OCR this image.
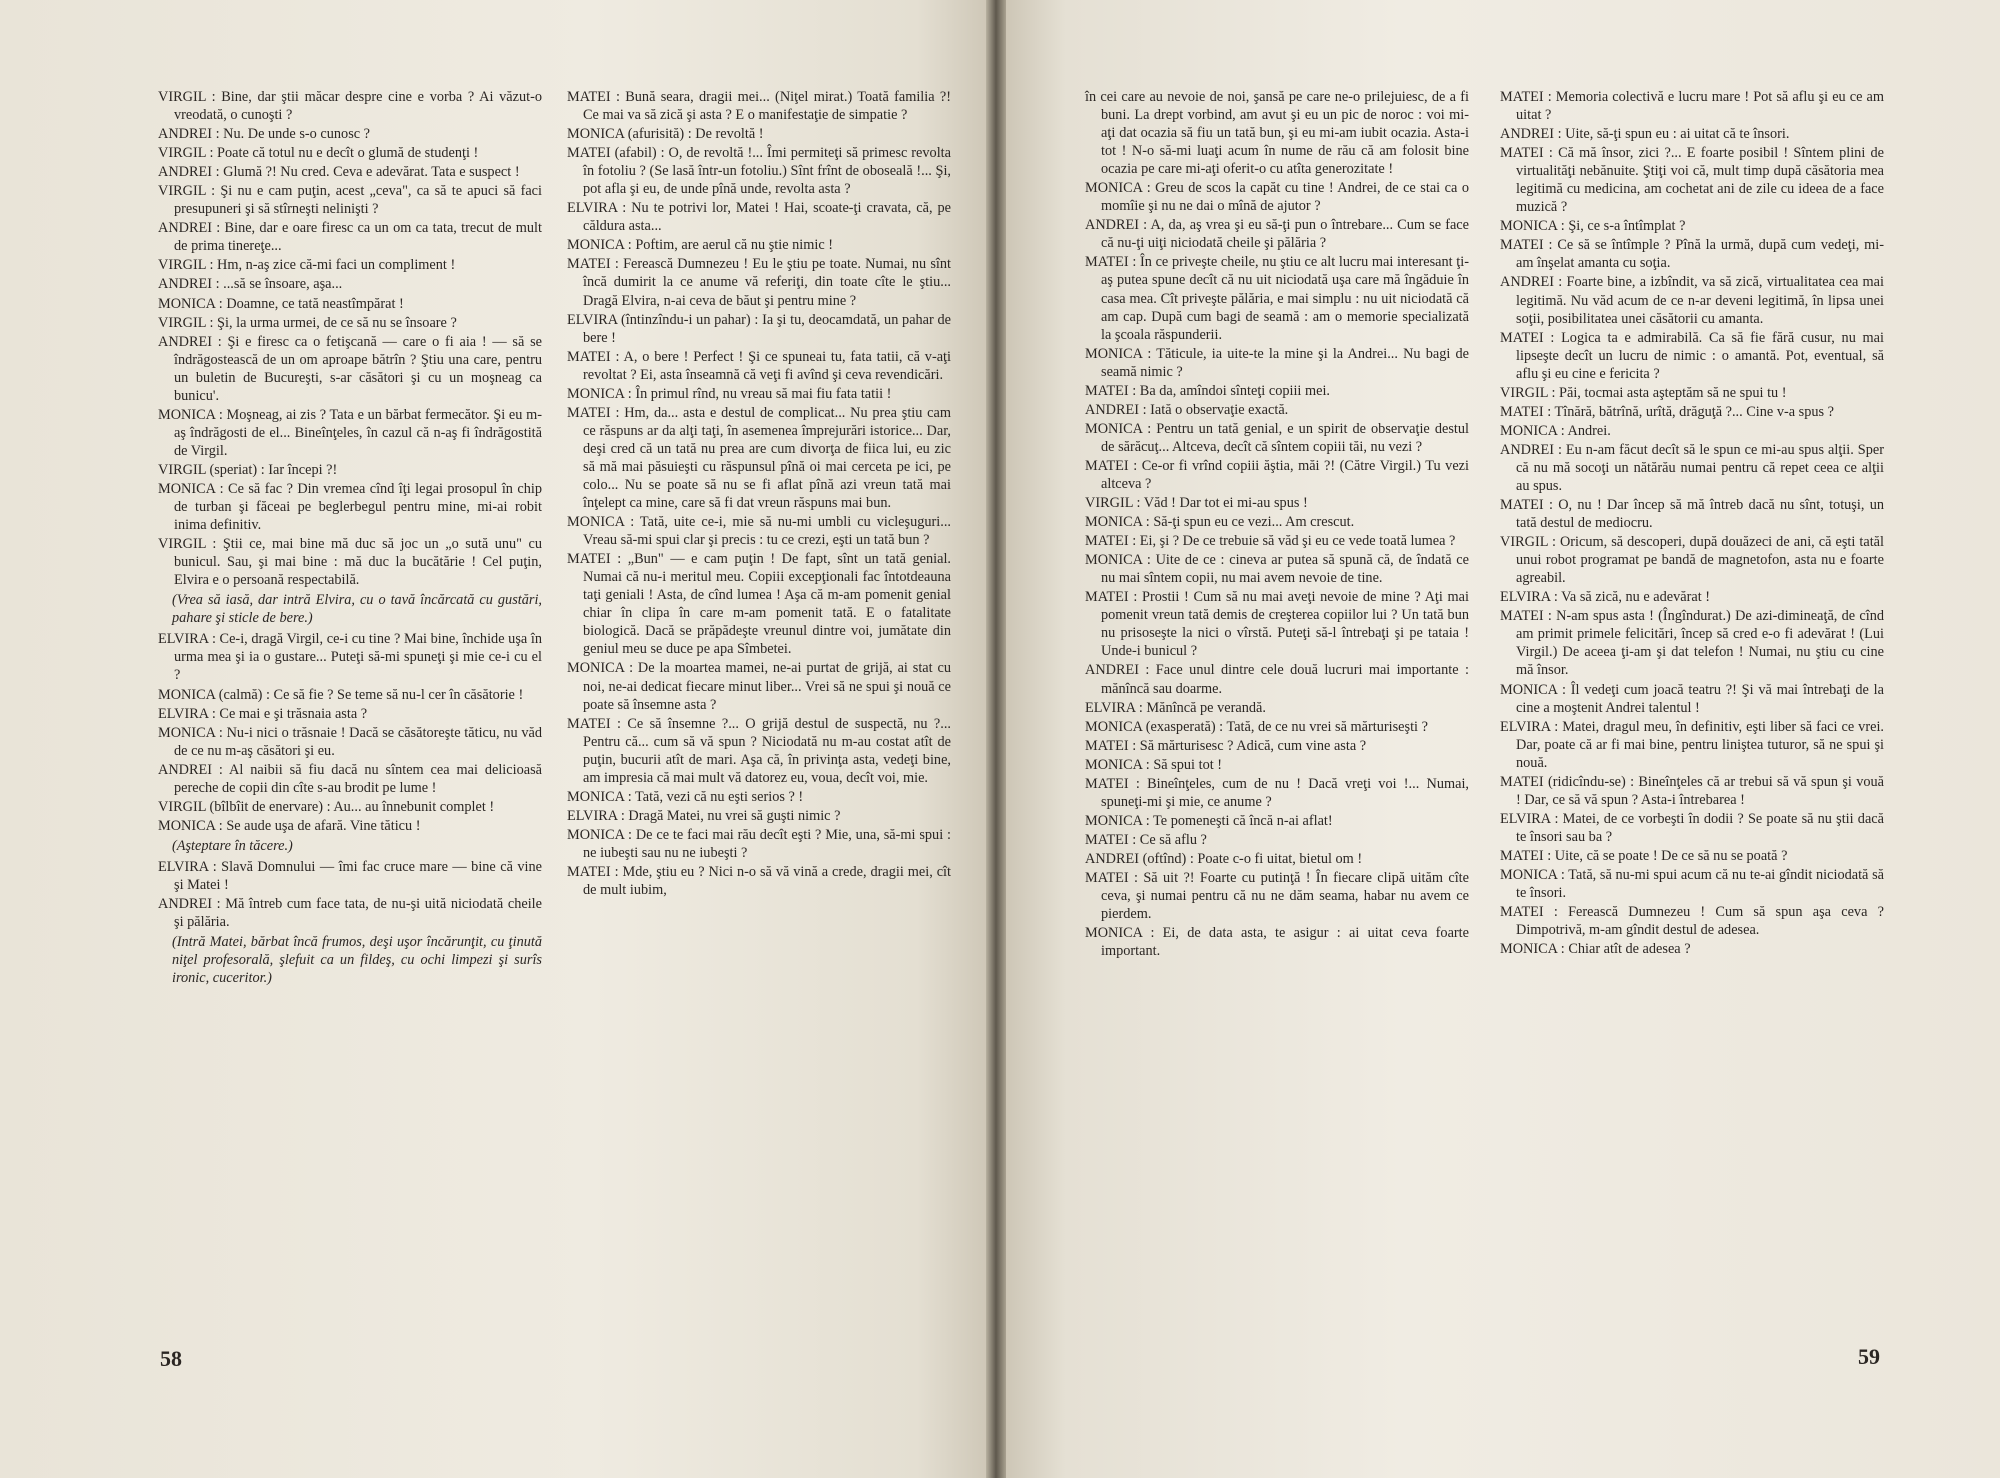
VIRGIL : Bine, dar ştii măcar despre cine e vorba ? Ai văzut-o vreodată, o cunoşti ?

ANDREI : Nu. De unde s-o cunosc ?

VIRGIL : Poate că totul nu e decît o glumă de studenţi !

ANDREI : Glumă ?! Nu cred. Ceva e adevărat. Tata e suspect !

VIRGIL : Şi nu e cam puţin, acest „ceva", ca să te apuci să faci presupuneri şi să stîrneşti nelinişti ?

ANDREI : Bine, dar e oare firesc ca un om ca tata, trecut de mult de prima tinereţe...

VIRGIL : Hm, n-aş zice că-mi faci un compliment !

ANDREI : ...să se însoare, aşa...

MONICA : Doamne, ce tată neastîmpărat !

VIRGIL : Şi, la urma urmei, de ce să nu se însoare ?

ANDREI : Şi e firesc ca o fetişcană — care o fi aia ! — să se îndrăgostească de un om aproape bătrîn ? Ştiu una care, pentru un buletin de Bucureşti, s-ar căsători şi cu un moşneag ca bunicu'.

MONICA : Moşneag, ai zis ? Tata e un bărbat fermecător. Şi eu m-aş îndrăgosti de el... Bineînţeles, în cazul că n-aş fi îndrăgostită de Virgil.

VIRGIL (speriat) : Iar începi ?!

MONICA : Ce să fac ? Din vremea cînd îţi legai prosopul în chip de turban şi făceai pe beglerbegul pentru mine, mi-ai robit inima definitiv.

VIRGIL : Ştii ce, mai bine mă duc să joc un „o sută unu" cu bunicul. Sau, şi mai bine : mă duc la bucătărie ! Cel puţin, Elvira e o persoană respectabilă.

(Vrea să iasă, dar intră Elvira, cu o tavă încărcată cu gustări, pahare şi sticle de bere.)

ELVIRA : Ce-i, dragă Virgil, ce-i cu tine ? Mai bine, închide uşa în urma mea şi ia o gustare... Puteţi să-mi spuneţi şi mie ce-i cu el ?

MONICA (calmă) : Ce să fie ? Se teme să nu-l cer în căsătorie !

ELVIRA : Ce mai e şi trăsnaia asta ?

MONICA : Nu-i nici o trăsnaie ! Dacă se căsătoreşte tăticu, nu văd de ce nu m-aş căsători şi eu.

ANDREI : Al naibii să fiu dacă nu sîntem cea mai delicioasă pereche de copii din cîte s-au brodit pe lume !

VIRGIL (bîlbîit de enervare) : Au... au înnebunit complet !

MONICA : Se aude uşa de afară. Vine tăticu !

(Aşteptare în tăcere.)

ELVIRA : Slavă Domnului — îmi fac cruce mare — bine că vine şi Matei !

ANDREI : Mă întreb cum face tata, de nu-şi uită niciodată cheile şi pălăria.

(Intră Matei, bărbat încă frumos, deşi uşor încărunţit, cu ţinută niţel profesorală, şlefuit ca un fildeş, cu ochi limpezi şi surîs ironic, cuceritor.)

MATEI : Bună seara, dragii mei... (Niţel mirat.) Toată familia ?! Ce mai va să zică şi asta ? E o manifestaţie de simpatie ?

MONICA (afurisită) : De revoltă !

MATEI (afabil) : O, de revoltă !... Îmi permiteţi să primesc revolta în fotoliu ? (Se lasă într-un fotoliu.) Sînt frînt de oboseală !... Şi, pot afla şi eu, de unde pînă unde, revolta asta ?

ELVIRA : Nu te potrivi lor, Matei ! Hai, scoate-ţi cravata, că, pe căldura asta...

MONICA : Poftim, are aerul că nu ştie nimic !

MATEI : Ferească Dumnezeu ! Eu le ştiu pe toate. Numai, nu sînt încă dumirit la ce anume vă referiţi, din toate cîte le ştiu... Dragă Elvira, n-ai ceva de băut şi pentru mine ?

ELVIRA (întinzîndu-i un pahar) : Ia şi tu, deocamdată, un pahar de bere !

MATEI : A, o bere ! Perfect ! Şi ce spuneai tu, fata tatii, că v-aţi revoltat ? Ei, asta înseamnă că veţi fi avînd şi ceva revendicări.

MONICA : În primul rînd, nu vreau să mai fiu fata tatii !

MATEI : Hm, da... asta e destul de complicat... Nu prea ştiu cam ce răspuns ar da alţi taţi, în asemenea împrejurări istorice... Dar, deşi cred că un tată nu prea are cum divorţa de fiica lui, eu zic să mă mai păsuieşti cu răspunsul pînă oi mai cerceta pe ici, pe colo... Nu se poate să nu se fi aflat pînă azi vreun tată mai înţelept ca mine, care să fi dat vreun răspuns mai bun.

MONICA : Tată, uite ce-i, mie să nu-mi umbli cu vicleşuguri... Vreau să-mi spui clar şi precis : tu ce crezi, eşti un tată bun ?

MATEI : „Bun" — e cam puţin ! De fapt, sînt un tată genial. Numai că nu-i meritul meu. Copiii excepţionali fac întotdeauna taţi geniali ! Asta, de cînd lumea ! Aşa că m-am pomenit genial chiar în clipa în care m-am pomenit tată. E o fatalitate biologică. Dacă se prăpădeşte vreunul dintre voi, jumătate din geniul meu se duce pe apa Sîmbetei.

MONICA : De la moartea mamei, ne-ai purtat de grijă, ai stat cu noi, ne-ai dedicat fiecare minut liber... Vrei să ne spui şi nouă ce poate să însemne asta ?

MATEI : Ce să însemne ?... O grijă destul de suspectă, nu ?... Pentru că... cum să vă spun ? Niciodată nu m-au costat atît de puţin, bucurii atît de mari. Aşa că, în privinţa asta, vedeţi bine, am impresia că mai mult vă datorez eu, voua, decît voi, mie.

MONICA : Tată, vezi că nu eşti serios ? !

ELVIRA : Dragă Matei, nu vrei să guşti nimic ?

MONICA : De ce te faci mai rău decît eşti ? Mie, una, să-mi spui : ne iubeşti sau nu ne iubeşti ?

MATEI : Mde, ştiu eu ? Nici n-o să vă vină a crede, dragii mei, cît de mult iubim,

58

în cei care au nevoie de noi, şansă pe care ne-o prilejuiesc, de a fi buni. La drept vorbind, am avut şi eu un pic de noroc : voi mi-aţi dat ocazia să fiu un tată bun, şi eu mi-am iubit ocazia. Asta-i tot ! N-o să-mi luaţi acum în nume de rău că am folosit bine ocazia pe care mi-aţi oferit-o cu atîta generozitate !

MONICA : Greu de scos la capăt cu tine ! Andrei, de ce stai ca o momîie şi nu ne dai o mînă de ajutor ?

ANDREI : A, da, aş vrea şi eu să-ţi pun o întrebare... Cum se face că nu-ţi uiţi niciodată cheile şi pălăria ?

MATEI : În ce priveşte cheile, nu ştiu ce alt lucru mai interesant ţi-aş putea spune decît că nu uit niciodată uşa care mă îngăduie în casa mea. Cît priveşte pălăria, e mai simplu : nu uit niciodată că am cap. După cum bagi de seamă : am o memorie specializată la şcoala răspunderii.

MONICA : Tăticule, ia uite-te la mine şi la Andrei... Nu bagi de seamă nimic ?

MATEI : Ba da, amîndoi sînteţi copiii mei.

ANDREI : Iată o observaţie exactă.

MONICA : Pentru un tată genial, e un spirit de observaţie destul de sărăcuţ... Altceva, decît că sîntem copiii tăi, nu vezi ?

MATEI : Ce-or fi vrînd copiii ăştia, măi ?! (Către Virgil.) Tu vezi altceva ?

VIRGIL : Văd ! Dar tot ei mi-au spus !

MONICA : Să-ţi spun eu ce vezi... Am crescut.

MATEI : Ei, şi ? De ce trebuie să văd şi eu ce vede toată lumea ?

MONICA : Uite de ce : cineva ar putea să spună că, de îndată ce nu mai sîntem copii, nu mai avem nevoie de tine.

MATEI : Prostii ! Cum să nu mai aveţi nevoie de mine ? Aţi mai pomenit vreun tată demis de creşterea copiilor lui ? Un tată bun nu prisoseşte la nici o vîrstă. Puteţi să-l întrebaţi şi pe tataia ! Unde-i bunicul ?

ANDREI : Face unul dintre cele două lucruri mai importante : mănîncă sau doarme.

ELVIRA : Mănîncă pe verandă.

MONICA (exasperată) : Tată, de ce nu vrei să mărturiseşti ?

MATEI : Să mărturisesc ? Adică, cum vine asta ?

MONICA : Să spui tot !

MATEI : Bineînţeles, cum de nu ! Dacă vreţi voi !... Numai, spuneţi-mi şi mie, ce anume ?

MONICA : Te pomeneşti că încă n-ai aflat!

MATEI : Ce să aflu ?

ANDREI (oftînd) : Poate c-o fi uitat, bietul om !

MATEI : Să uit ?! Foarte cu putinţă ! În fiecare clipă uităm cîte ceva, şi numai pentru că nu ne dăm seama, habar nu avem ce pierdem.

MONICA : Ei, de data asta, te asigur : ai uitat ceva foarte important.

MATEI : Memoria colectivă e lucru mare ! Pot să aflu şi eu ce am uitat ?

ANDREI : Uite, să-ţi spun eu : ai uitat că te însori.

MATEI : Că mă însor, zici ?... E foarte posibil ! Sîntem plini de virtualităţi nebănuite. Ştiţi voi că, mult timp după căsătoria mea legitimă cu medicina, am cochetat ani de zile cu ideea de a face muzică ?

MONICA : Şi, ce s-a întîmplat ?

MATEI : Ce să se întîmple ? Pînă la urmă, după cum vedeţi, mi-am înşelat amanta cu soţia.

ANDREI : Foarte bine, a izbîndit, va să zică, virtualitatea cea mai legitimă. Nu văd acum de ce n-ar deveni legitimă, în lipsa unei soţii, posibilitatea unei căsătorii cu amanta.

MATEI : Logica ta e admirabilă. Ca să fie fără cusur, nu mai lipseşte decît un lucru de nimic : o amantă. Pot, eventual, să aflu şi eu cine e fericita ?

VIRGIL : Păi, tocmai asta aşteptăm să ne spui tu !

MATEI : Tînără, bătrînă, urîtă, drăguţă ?... Cine v-a spus ?

MONICA : Andrei.

ANDREI : Eu n-am făcut decît să le spun ce mi-au spus alţii. Sper că nu mă socoţi un nătărău numai pentru că repet ceea ce alţii au spus.

MATEI : O, nu ! Dar încep să mă întreb dacă nu sînt, totuşi, un tată destul de mediocru.

VIRGIL : Oricum, să descoperi, după douăzeci de ani, că eşti tatăl unui robot programat pe bandă de magnetofon, asta nu e foarte agreabil.

ELVIRA : Va să zică, nu e adevărat !

MATEI : N-am spus asta ! (Îngîndurat.) De azi-dimineaţă, de cînd am primit primele felicitări, încep să cred e-o fi adevărat ! (Lui Virgil.) De aceea ţi-am şi dat telefon ! Numai, nu ştiu cu cine mă însor.

MONICA : Îl vedeţi cum joacă teatru ?! Şi vă mai întrebaţi de la cine a moştenit Andrei talentul !

ELVIRA : Matei, dragul meu, în definitiv, eşti liber să faci ce vrei. Dar, poate că ar fi mai bine, pentru liniştea tuturor, să ne spui şi nouă.

MATEI (ridicîndu-se) : Bineînţeles că ar trebui să vă spun şi vouă ! Dar, ce să vă spun ? Asta-i întrebarea !

ELVIRA : Matei, de ce vorbeşti în dodii ? Se poate să nu ştii dacă te însori sau ba ?

MATEI : Uite, că se poate ! De ce să nu se poată ?

MONICA : Tată, să nu-mi spui acum că nu te-ai gîndit niciodată să te însori.

MATEI : Ferească Dumnezeu ! Cum să spun aşa ceva ? Dimpotrivă, m-am gîndit destul de adesea.

MONICA : Chiar atît de adesea ?

59
